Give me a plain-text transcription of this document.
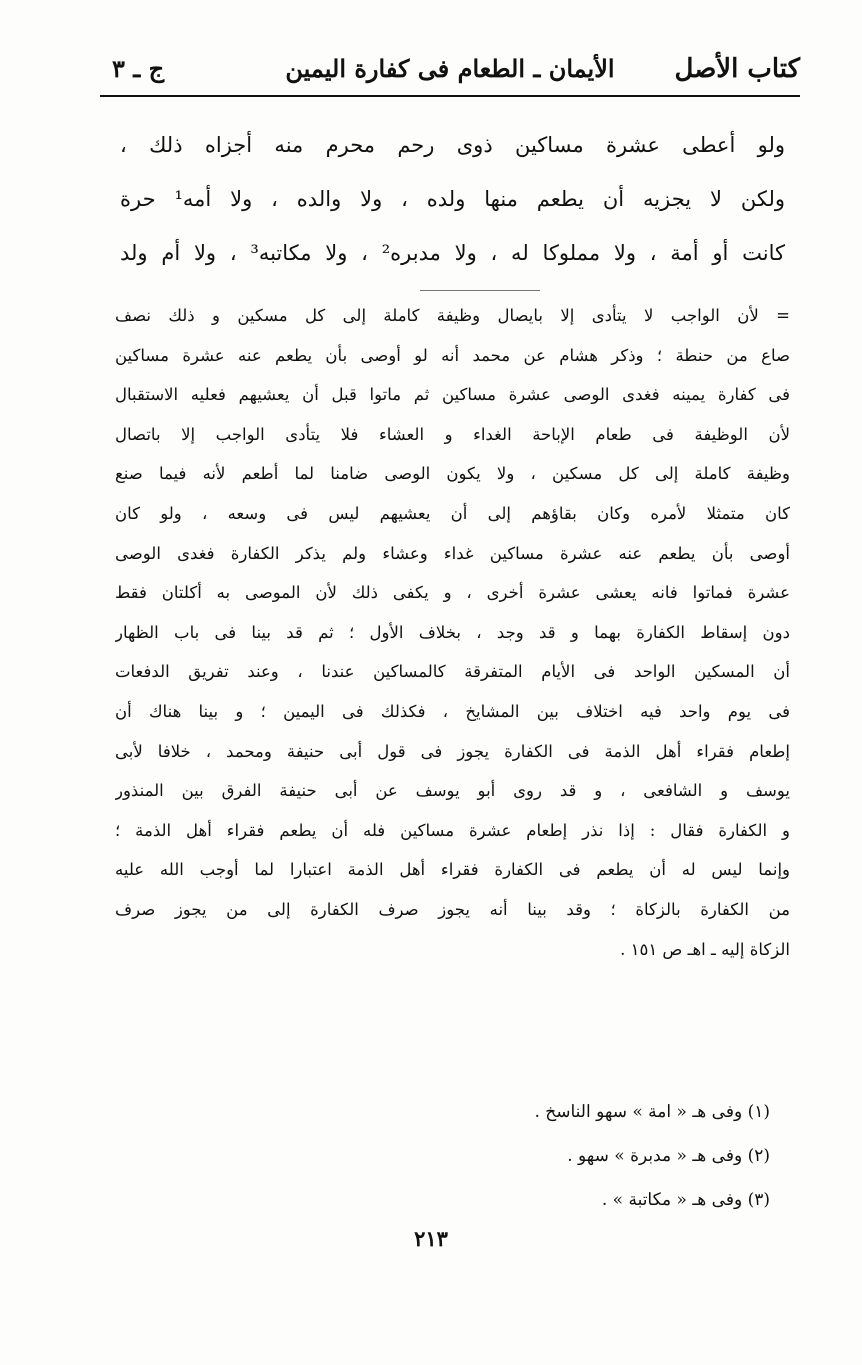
كتاب الأصل
الأيمان ـ الطعام فى كفارة اليمين
ج ـ ٣
ولو أعطى عشرة مساكين ذوى رحم محرم منه أجزاه ذلك ،
ولكن لا يجزيه أن يطعم منها ولده ، ولا والده ، ولا أمه¹ حرة
كانت أو أمة ، ولا مملوكا له ، ولا مدبره² ، ولا مكاتبه³ ، ولا أم ولد
= لأن الواجب لا يتأدى إلا بايصال وظيفة كاملة إلى كل مسكين و ذلك نصف
صاع من حنطة ؛ وذكر هشام عن محمد أنه لو أوصى بأن يطعم عنه عشرة مساكين
فى كفارة يمينه فغدى الوصى عشرة مساكين ثم ماتوا قبل أن يعشيهم فعليه الاستقبال
لأن الوظيفة فى طعام الإباحة الغداء و العشاء فلا يتأدى الواجب إلا باتصال
وظيفة كاملة إلى كل مسكين ، ولا يكون الوصى ضامنا لما أطعم لأنه فيما صنع
كان متمثلا لأمره وكان بقاؤهم إلى أن يعشيهم ليس فى وسعه ، ولو كان
أوصى بأن يطعم عنه عشرة مساكين غداء وعشاء ولم يذكر الكفارة فغدى الوصى
عشرة فماتوا فانه يعشى عشرة أخرى ، و يكفى ذلك لأن الموصى به أكلتان فقط
دون إسقاط الكفارة بهما و قد وجد ، بخلاف الأول ؛ ثم قد بينا فى باب الظهار
أن المسكين الواحد فى الأيام المتفرقة كالمساكين عندنا ، وعند تفريق الدفعات
فى يوم واحد فيه اختلاف بين المشايخ ، فكذلك فى اليمين ؛ و بينا هناك أن
إطعام فقراء أهل الذمة فى الكفارة يجوز فى قول أبى حنيفة ومحمد ، خلافا لأبى
يوسف و الشافعى ، و قد روى أبو يوسف عن أبى حنيفة الفرق بين المنذور
و الكفارة فقال : إذا نذر إطعام عشرة مساكين فله أن يطعم فقراء أهل الذمة ؛
وإنما ليس له أن يطعم فى الكفارة فقراء أهل الذمة اعتبارا لما أوجب الله عليه
من الكفارة بالزكاة ؛ وقد بينا أنه يجوز صرف الكفارة إلى من يجوز صرف
الزكاة إليه ـ اهـ ص ١٥١ .
(١) وفى هـ « امة » سهو الناسخ .
(٢) وفى هـ « مدبرة » سهو .
(٣) وفى هـ « مكاتبة » .
٢١٣
